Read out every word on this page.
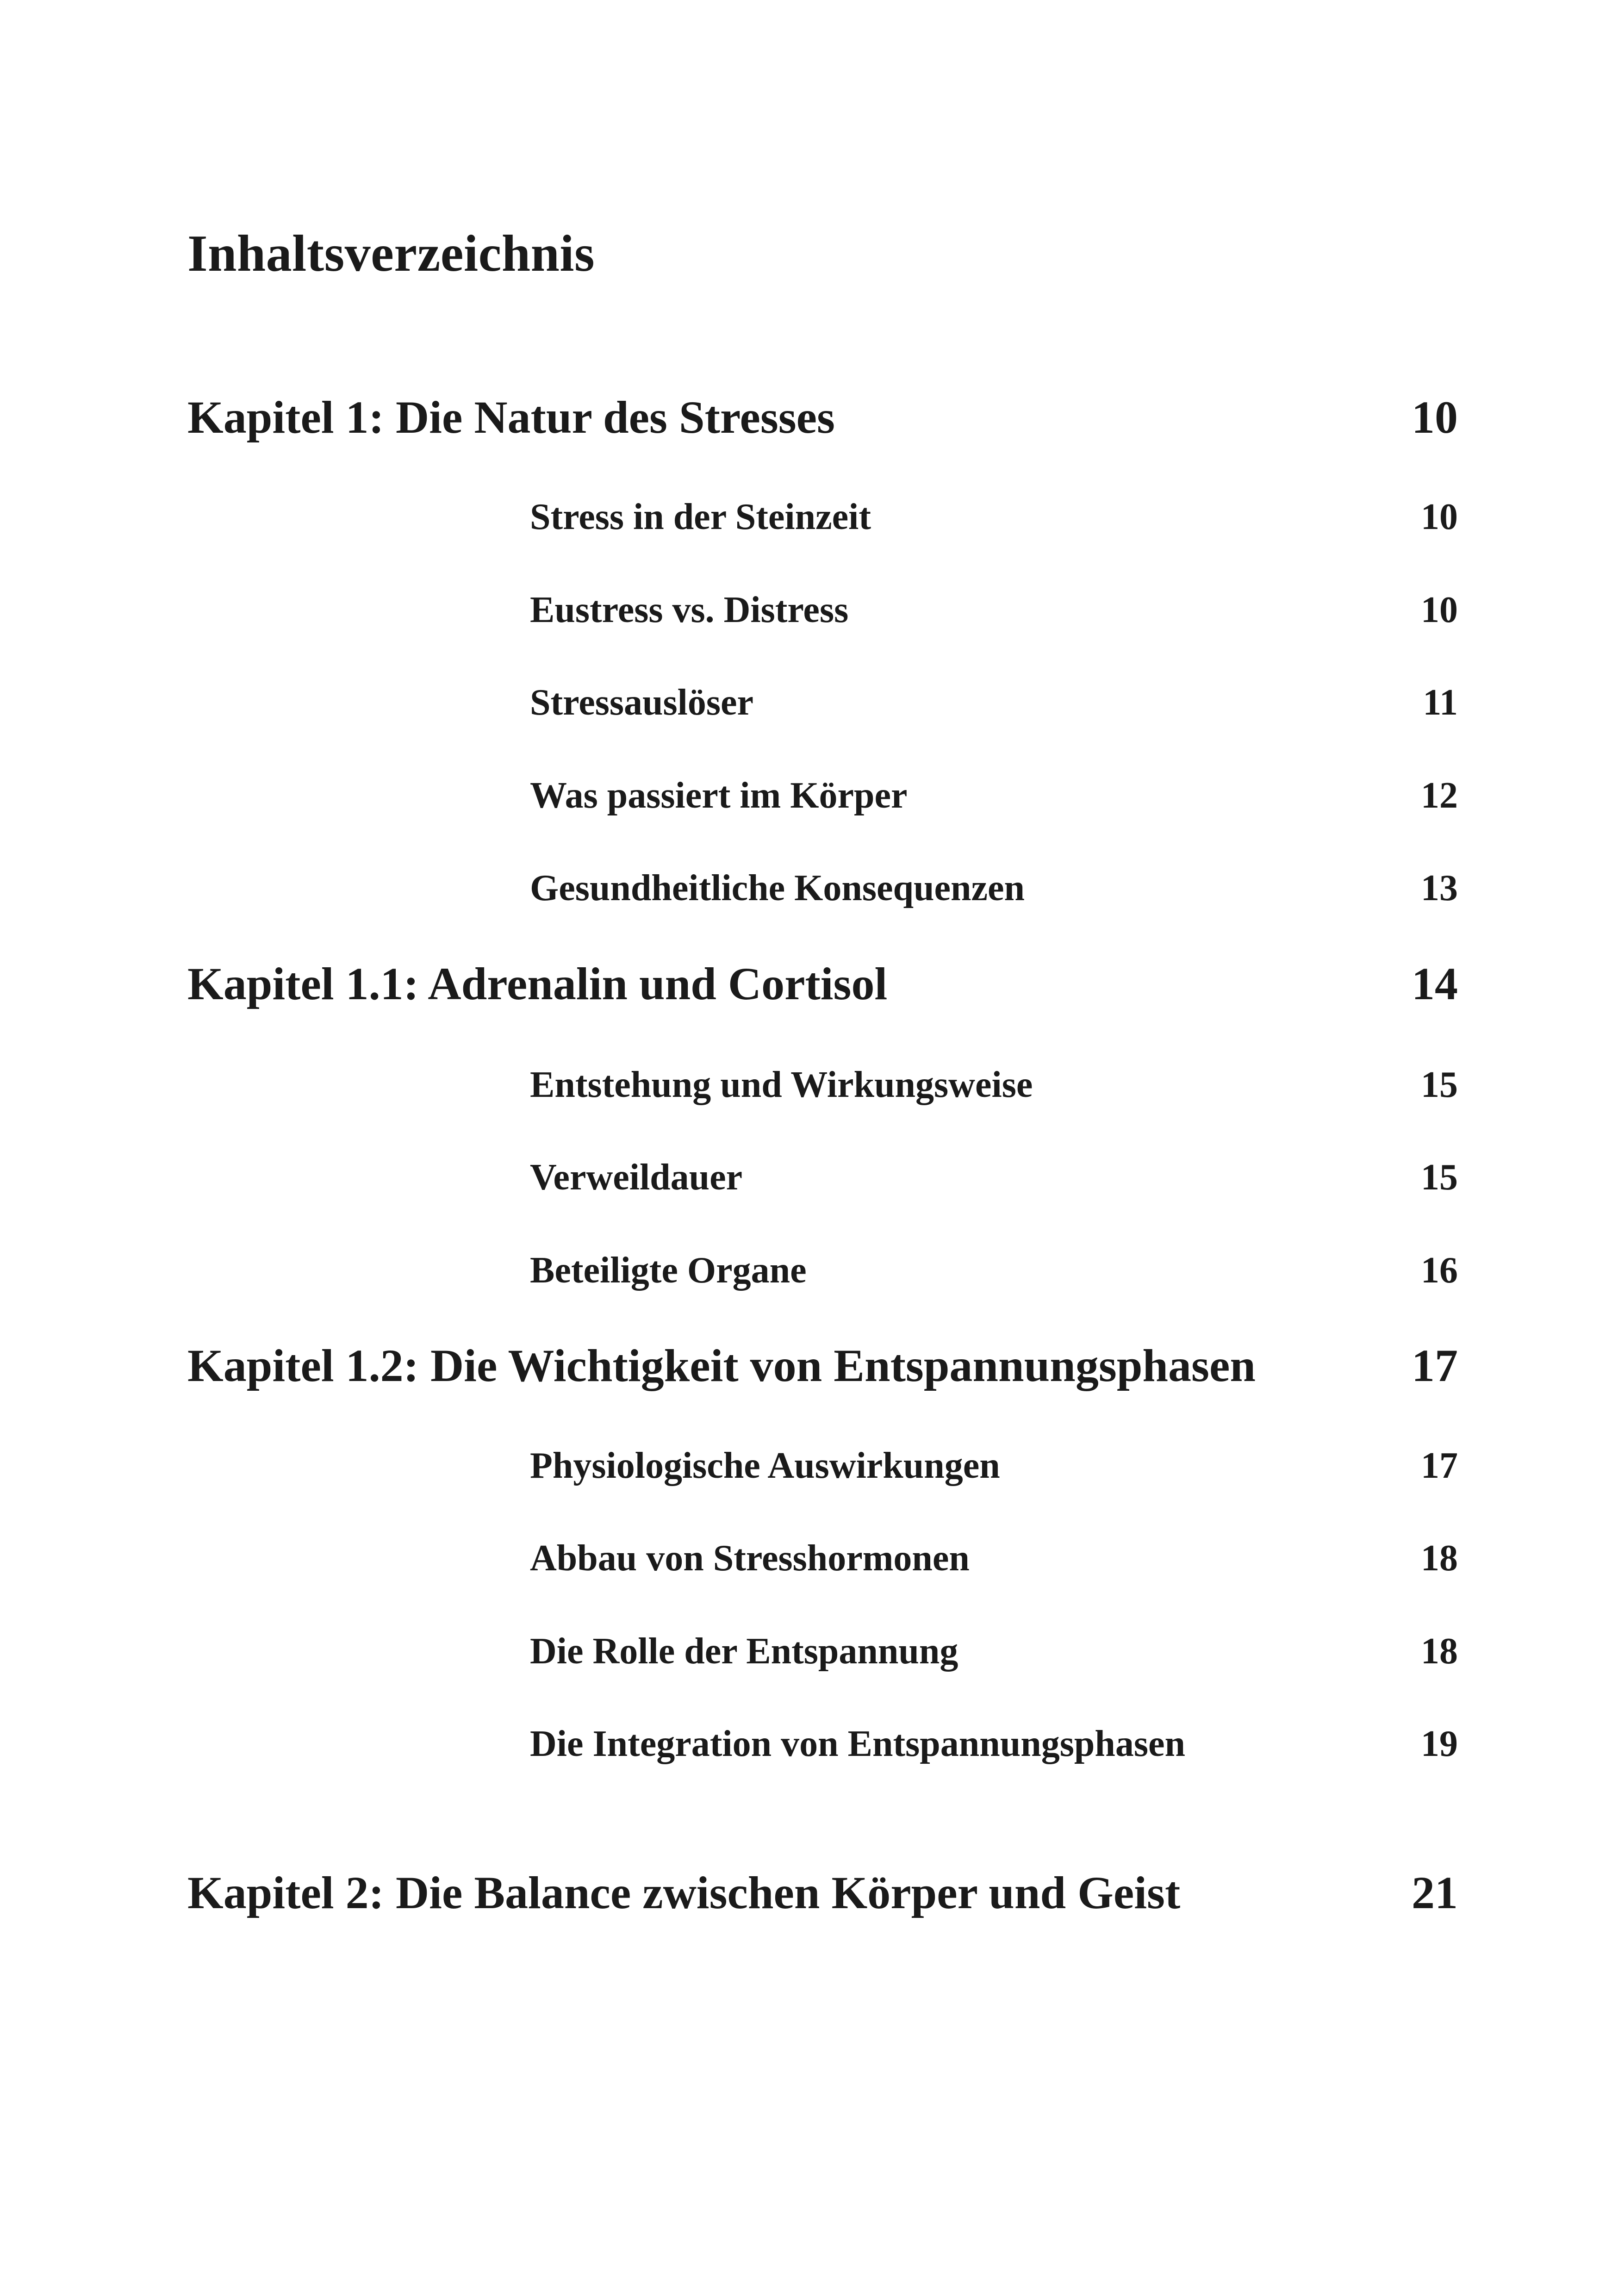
Inhaltsverzeichnis
Kapitel 1: Die Natur des Stresses	10
Stress in der Steinzeit	10
Eustress vs. Distress	10
Stressauslöser	11
Was passiert im Körper	12
Gesundheitliche Konsequenzen	13
Kapitel 1.1: Adrenalin und Cortisol	14
Entstehung und Wirkungsweise	15
Verweildauer	15
Beteiligte Organe	16
Kapitel 1.2: Die Wichtigkeit von Entspannungsphasen	17
Physiologische Auswirkungen	17
Abbau von Stresshormonen	18
Die Rolle der Entspannung	18
Die Integration von Entspannungsphasen	19
Kapitel 2: Die Balance zwischen Körper und Geist	21
